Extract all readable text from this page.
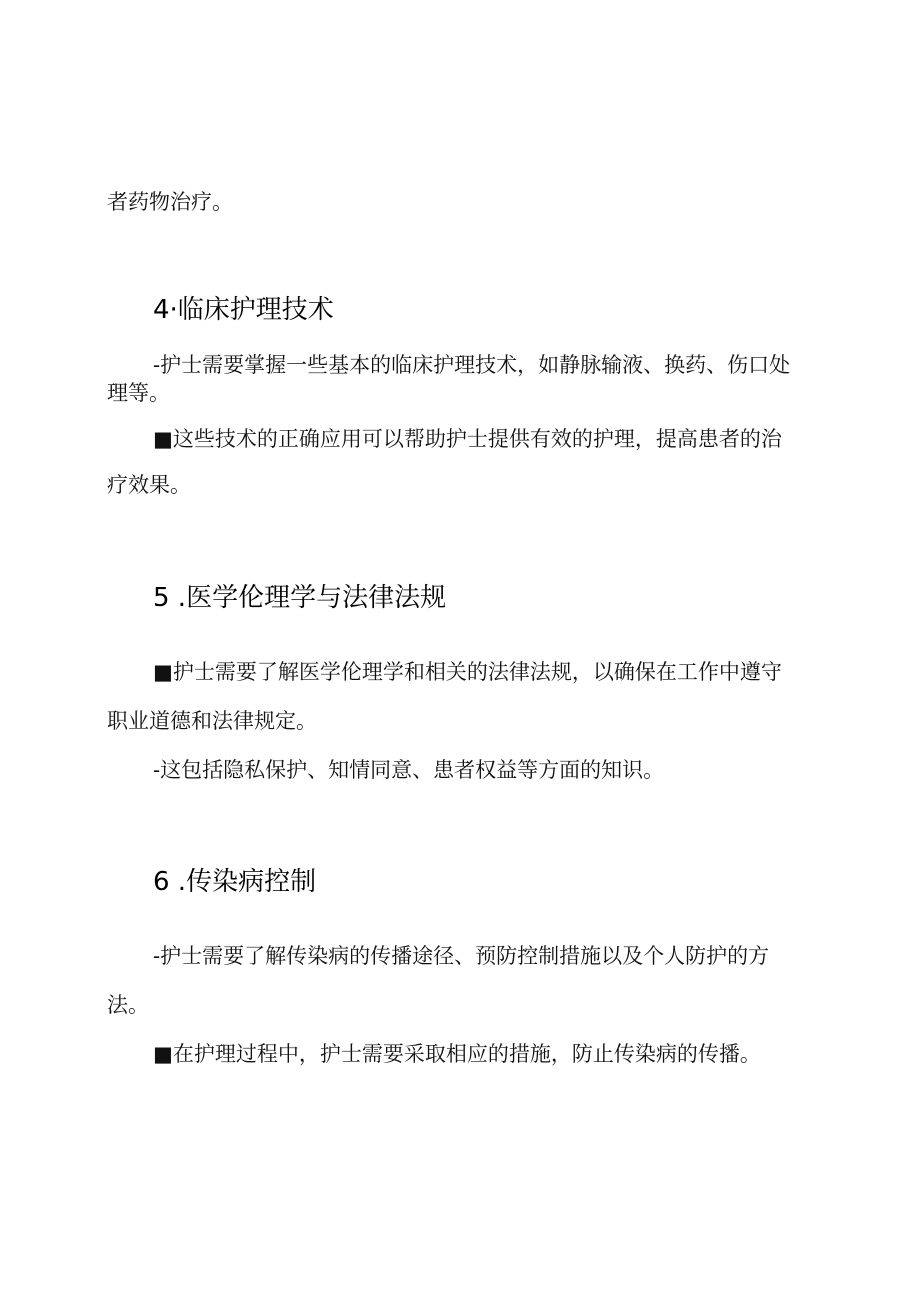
者药物治疗。
4·临床护理技术
-护士需要掌握一些基本的临床护理技术，如静脉输液、换药、伤口处
理等。
■这些技术的正确应用可以帮助护士提供有效的护理，提高患者的治
疗效果。
5 .医学伦理学与法律法规
■护士需要了解医学伦理学和相关的法律法规，以确保在工作中遵守
职业道德和法律规定。
-这包括隐私保护、知情同意、患者权益等方面的知识。
6 .传染病控制
-护士需要了解传染病的传播途径、预防控制措施以及个人防护的方
法。
■在护理过程中，护士需要采取相应的措施，防止传染病的传播。
